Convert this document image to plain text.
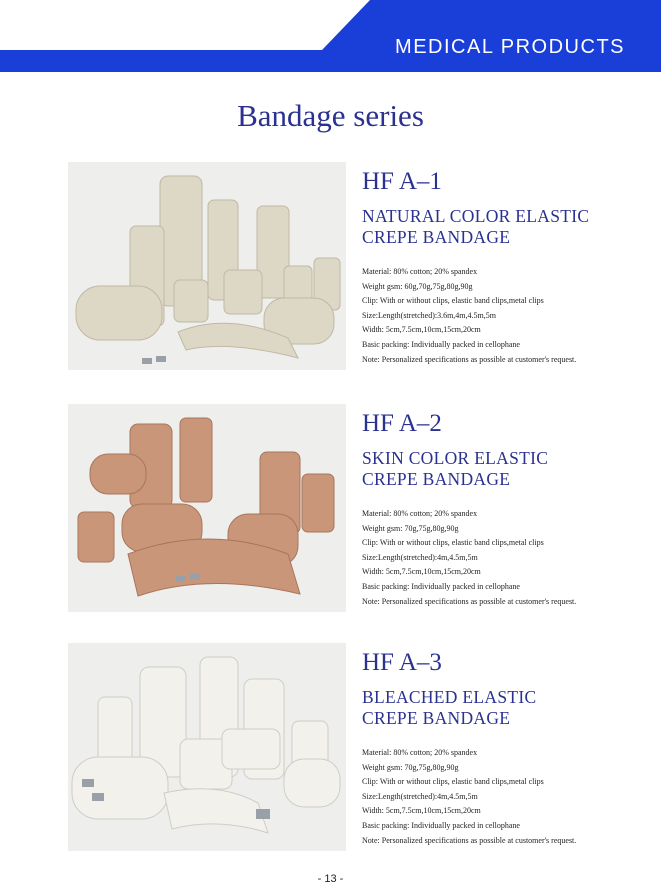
MEDICAL PRODUCTS
Bandage series
HF A–1
NATURAL COLOR ELASTIC
CREPE BANDAGE
Material: 80% cotton; 20% spandex
Weight gsm: 60g,70g,75g,80g,90g
Clip: With or without clips, elastic band clips,metal clips
Size:Length(stretched):3.6m,4m,4.5m,5m
Width: 5cm,7.5cm,10cm,15cm,20cm
Basic packing: Individually packed in cellophane
Note: Personalized specifications as possible at customer's request.
HF A–2
SKIN COLOR ELASTIC
CREPE BANDAGE
Material: 80% cotton; 20% spandex
Weight gsm: 70g,75g,80g,90g
Clip: With or without clips, elastic band clips,metal clips
Size:Length(stretched):4m,4.5m,5m
Width: 5cm,7.5cm,10cm,15cm,20cm
Basic packing: Individually packed in cellophane
Note: Personalized specifications as possible at customer's request.
HF A–3
BLEACHED ELASTIC
CREPE BANDAGE
Material: 80% cotton; 20% spandex
Weight gsm: 70g,75g,80g,90g
Clip: With or without clips, elastic band clips,metal clips
Size:Length(stretched):4m,4.5m,5m
Width: 5cm,7.5cm,10cm,15cm,20cm
Basic packing: Individually packed in cellophane
Note: Personalized specifications as possible at customer's request.
- 13 -
